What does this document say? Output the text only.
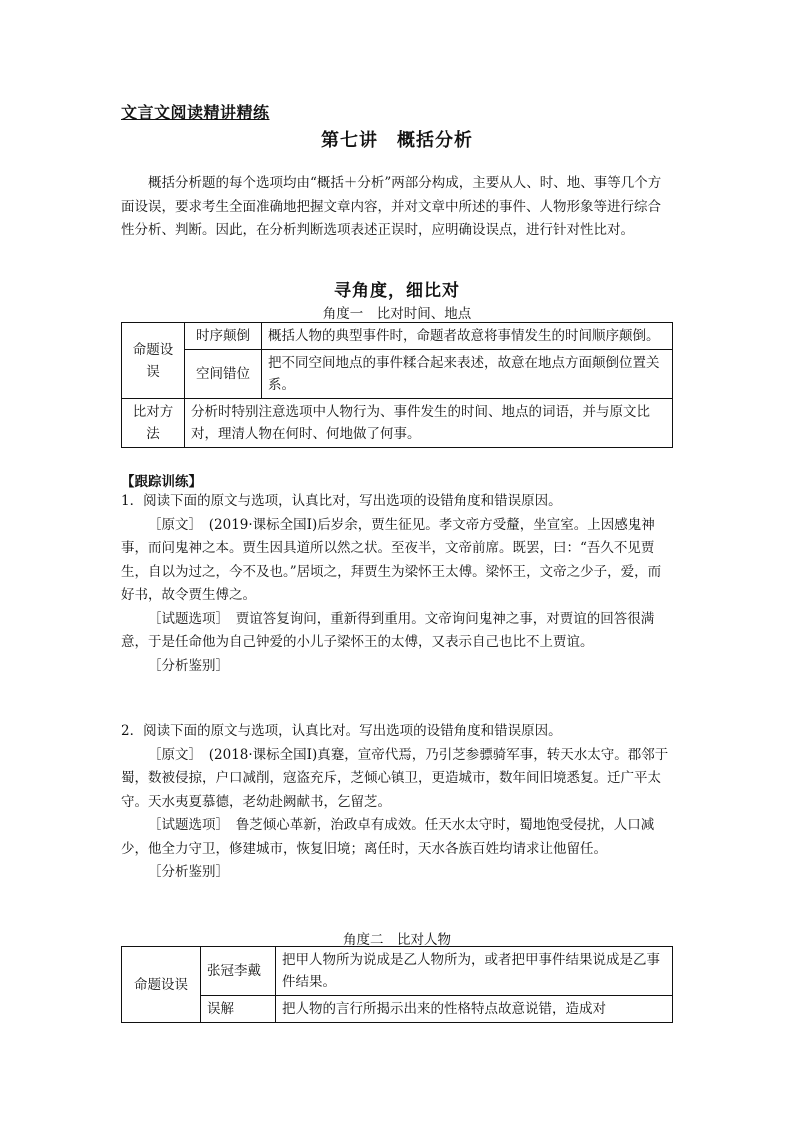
文言文阅读精讲精练
第七讲　概括分析
概括分析题的每个选项均由“概括＋分析”两部分构成，主要从人、时、地、事等几个方面设误，要求考生全面准确地把握文章内容，并对文章中所述的事件、人物形象等进行综合性分析、判断。因此，在分析判断选项表述正误时，应明确设误点，进行针对性比对。
寻角度，细比对
角度一　比对时间、地点
命题设误	时序颠倒	概括人物的典型事件时，命题者故意将事情发生的时间顺序颠倒。
	空间错位	把不同空间地点的事件糅合起来表述，故意在地点方面颠倒位置关系。
比对方法	分析时特别注意选项中人物行为、事件发生的时间、地点的词语，并与原文比对，理清人物在何时、何地做了何事。	
【跟踪训练】
1．阅读下面的原文与选项，认真比对，写出选项的设错角度和错误原因。
［原文］　(2019·课标全国Ⅰ)后岁余，贾生征见。孝文帝方受釐，坐宣室。上因感鬼神事，而问鬼神之本。贾生因具道所以然之状。至夜半，文帝前席。既罢，曰：“吾久不见贾生，自以为过之，今不及也。”居顷之，拜贾生为梁怀王太傅。梁怀王，文帝之少子，爱，而好书，故令贾生傅之。
［试题选项］　贾谊答复询问，重新得到重用。文帝询问鬼神之事，对贾谊的回答很满意，于是任命他为自己钟爱的小儿子梁怀王的太傅，又表示自己也比不上贾谊。
［分析鉴别］
2．阅读下面的原文与选项，认真比对。写出选项的设错角度和错误原因。
［原文］　(2018·课标全国Ⅰ)真蹇，宣帝代焉，乃引芝参骠骑军事，转天水太守。郡邻于蜀，数被侵掠，户口减削，寇盗充斥，芝倾心镇卫，更造城市，数年间旧境悉复。迁广平太守。天水夷夏慕德，老幼赴阙献书，乞留芝。
［试题选项］　鲁芝倾心革新，治政卓有成效。任天水太守时，蜀地饱受侵扰，人口减少，他全力守卫，修建城市，恢复旧境；离任时，天水各族百姓均请求让他留任。
［分析鉴别］
角度二　比对人物
命题设误	张冠李戴	把甲人物所为说成是乙人物所为，或者把甲事件结果说成是乙事件结果。
	误解	把人物的言行所揭示出来的性格特点故意说错，造成对
